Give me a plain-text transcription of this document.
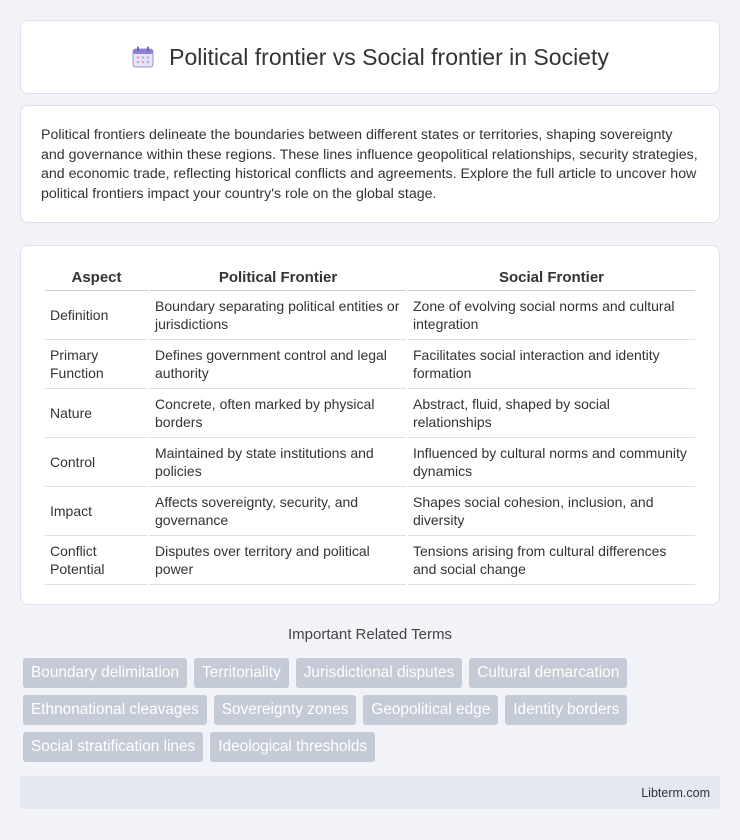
Political frontier vs Social frontier in Society

Political frontiers delineate the boundaries between different states or territories, shaping sovereignty and governance within these regions. These lines influence geopolitical relationships, security strategies, and economic trade, reflecting historical conflicts and agreements. Explore the full article to uncover how political frontiers impact your country's role on the global stage.

Aspect	Political Frontier	Social Frontier
Definition	Boundary separating political entities or jurisdictions	Zone of evolving social norms and cultural integration
Primary Function	Defines government control and legal authority	Facilitates social interaction and identity formation
Nature	Concrete, often marked by physical borders	Abstract, fluid, shaped by social relationships
Control	Maintained by state institutions and policies	Influenced by cultural norms and community dynamics
Impact	Affects sovereignty, security, and governance	Shapes social cohesion, inclusion, and diversity
Conflict Potential	Disputes over territory and political power	Tensions arising from cultural differences and social change
Important Related Terms
Boundary delimitation	Territoriality	Jurisdictional disputes	Cultural demarcation
Ethnonational cleavages	Sovereignty zones	Geopolitical edge	Identity borders
Social stratification lines	Ideological thresholds
Libterm.com
